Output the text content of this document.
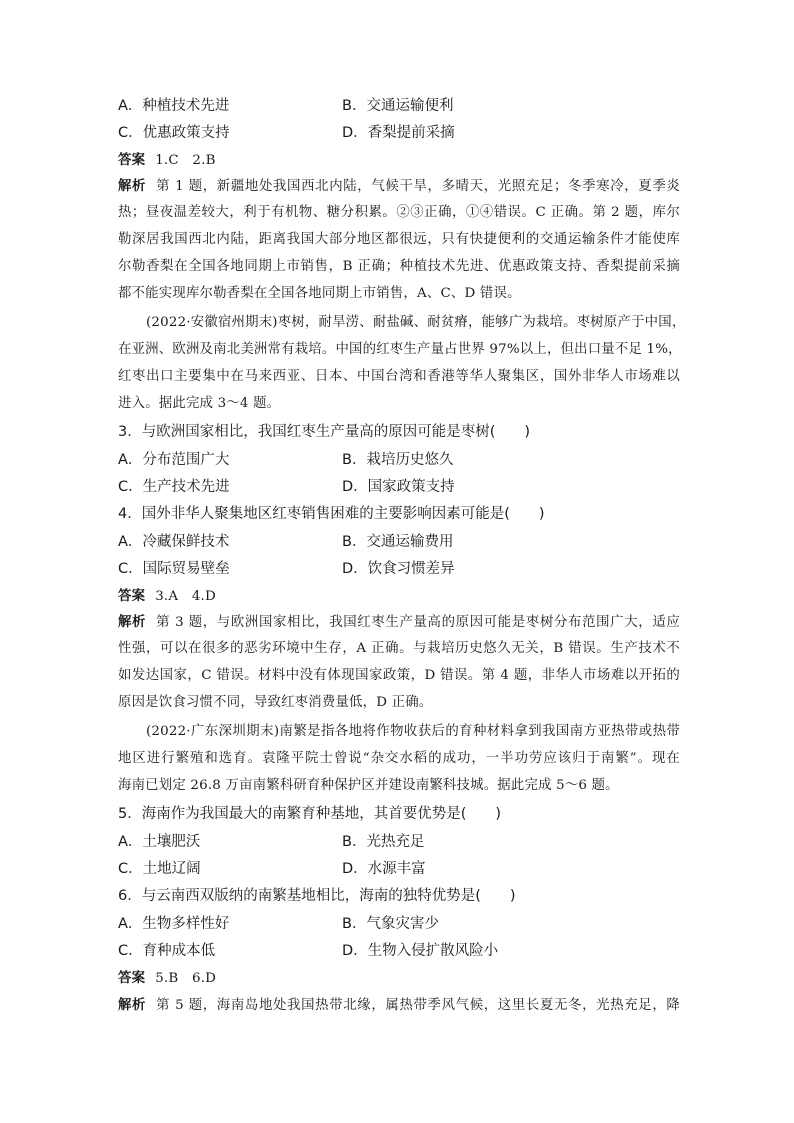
A．种植技术先进	B．交通运输便利
C．优惠政策支持	D．香梨提前采摘
答案 1.C　2.B
解析 第 1 题，新疆地处我国西北内陆，气候干旱，多晴天，光照充足；冬季寒冷，夏季炎
热；昼夜温差较大，利于有机物、糖分积累。②③正确，①④错误。C 正确。第 2 题，库尔
勒深居我国西北内陆，距离我国大部分地区都很远，只有快捷便利的交通运输条件才能使库
尔勒香梨在全国各地同期上市销售，B 正确；种植技术先进、优惠政策支持、香梨提前采摘
都不能实现库尔勒香梨在全国各地同期上市销售，A、C、D 错误。
(2022·安徽宿州期末)枣树，耐旱涝、耐盐碱、耐贫瘠，能够广为栽培。枣树原产于中国，
在亚洲、欧洲及南北美洲常有栽培。中国的红枣生产量占世界 97%以上，但出口量不足 1%，
红枣出口主要集中在马来西亚、日本、中国台湾和香港等华人聚集区，国外非华人市场难以
进入。据此完成 3～4 题。
3．与欧洲国家相比，我国红枣生产量高的原因可能是枣树(　　)
A．分布范围广大	B．栽培历史悠久
C．生产技术先进	D．国家政策支持
4．国外非华人聚集地区红枣销售困难的主要影响因素可能是(　　)
A．冷藏保鲜技术	B．交通运输费用
C．国际贸易壁垒	D．饮食习惯差异
答案 3.A　4.D
解析 第 3 题，与欧洲国家相比，我国红枣生产量高的原因可能是枣树分布范围广大，适应
性强，可以在很多的恶劣环境中生存，A 正确。与栽培历史悠久无关，B 错误。生产技术不
如发达国家，C 错误。材料中没有体现国家政策，D 错误。第 4 题，非华人市场难以开拓的
原因是饮食习惯不同，导致红枣消费量低，D 正确。
(2022·广东深圳期末)南繁是指各地将作物收获后的育种材料拿到我国南方亚热带或热带
地区进行繁殖和选育。袁隆平院士曾说“杂交水稻的成功，一半功劳应该归于南繁”。现在
海南已划定 26.8 万亩南繁科研育种保护区并建设南繁科技城。据此完成 5～6 题。
5．海南作为我国最大的南繁育种基地，其首要优势是(　　)
A．土壤肥沃	B．光热充足
C．土地辽阔	D．水源丰富
6．与云南西双版纳的南繁基地相比，海南的独特优势是(　　)
A．生物多样性好	B．气象灾害少
C．育种成本低	D．生物入侵扩散风险小
答案 5.B　6.D
解析 第 5 题，海南岛地处我国热带北缘，属热带季风气候，这里长夏无冬，光热充足，降
